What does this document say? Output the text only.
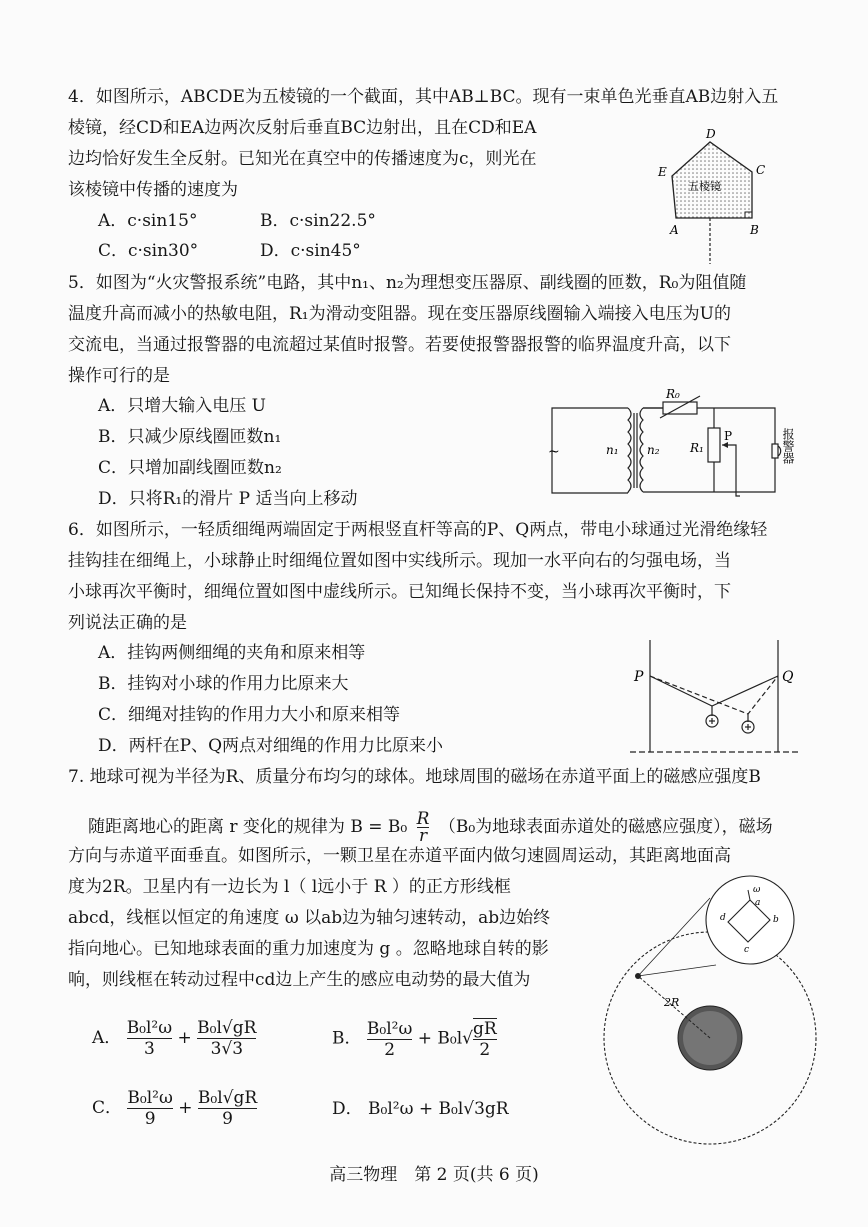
4．如图所示，ABCDE为五棱镜的一个截面，其中AB⊥BC。现有一束单色光垂直AB边射入五

棱镜，经CD和EA边两次反射后垂直BC边射出，且在CD和EA

边均恰好发生全反射。已知光在真空中的传播速度为c，则光在

该棱镜中传播的速度为

A．c·sin15°	B．c·sin22.5°
C．c·sin30°	D．c·sin45°
五棱镜
A	B
C
D
E

5．如图为“火灾警报系统”电路，其中n₁、n₂为理想变压器原、副线圈的匝数，R₀为阻值随

温度升高而减小的热敏电阻，R₁为滑动变阻器。现在变压器原线圈输入端接入电压为U的

交流电，当通过报警器的电流超过某值时报警。若要使报警器报警的临界温度升高，以下

操作可行的是

A．只增大输入电压 U
B．只减少原线圈匝数n₁
C．只增加副线圈匝数n₂
D．只将R₁的滑片 P 适当向上移动
~	n₁ n₂
R₀
R₁
P	报警器

6．如图所示，一轻质细绳两端固定于两根竖直杆等高的P、Q两点，带电小球通过光滑绝缘轻

挂钩挂在细绳上，小球静止时细绳位置如图中实线所示。现加一水平向右的匀强电场，当

小球再次平衡时，细绳位置如图中虚线所示。已知绳长保持不变，当小球再次平衡时，下

列说法正确的是

A．挂钩两侧细绳的夹角和原来相等
B．挂钩对小球的作用力比原来大
C．细绳对挂钩的作用力大小和原来相等
D．两杆在P、Q两点对细绳的作用力比原来小
P	Q

7. 地球可视为半径为R、质量分布均匀的球体。地球周围的磁场在赤道平面上的磁感应强度B

随距离地心的距离 r 变化的规律为 $B = B_0 \frac{R}{r} (B_0$为地球表面赤道处的磁感应强度），磁场

方向与赤道平面垂直。如图所示，一颗卫星在赤道平面内做匀速圆周运动，其距离地面高

度为2R。卫星内有一边长为 l（ l远小于 R ）的正方形线框

abcd，线框以恒定的角速度 ω 以ab边为轴匀速转动，ab边始终

指向地心。已知地球表面的重力加速度为 g 。忽略地球自转的影

响，则线框在转动过程中cd边上产生的感应电动势的最大值为

A． $\frac{\text{B₀l²ω}}{3} + \frac{\text{B₀l√gR}}{3√3}$	B． $\frac{\text{B₀l²ω}}{2} + B_0l√ \frac{gR}{2}$
C． $\frac{\text{B₀l²ω}}{9} + \frac{\text{B₀l√gR}}{9}$	D． B₀l²ω + B₀l√3gR
2R
ω
a
b
c
d
高三物理　第 2 页(共 6 页)
